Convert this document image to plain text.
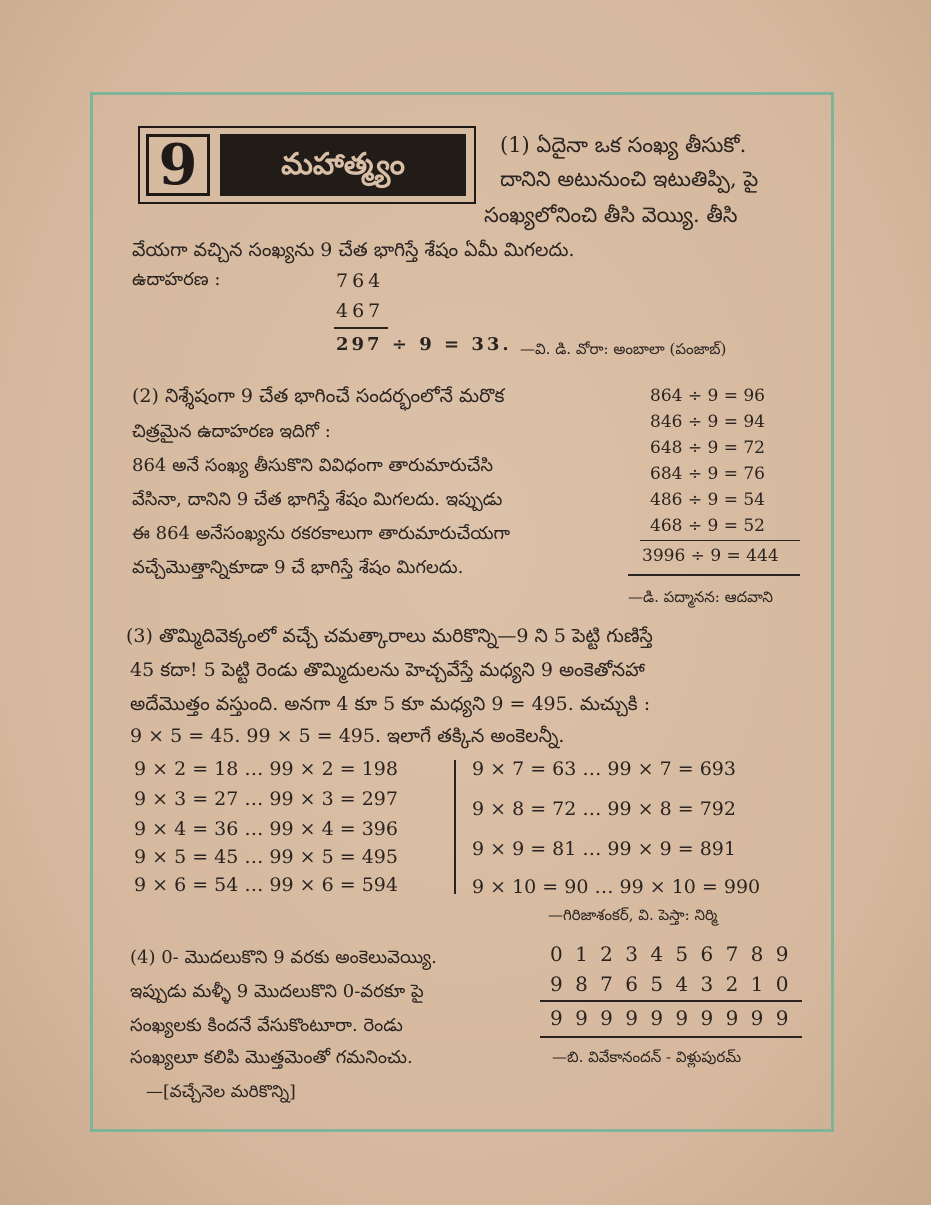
9	మహాత్మ్యం
(1) ఏదైనా ఒక సంఖ్య తీసుకో.
దానిని అటునుంచి ఇటుతిప్పి, పై
సంఖ్యలోనించి తీసి వెయ్యి. తీసి
వేయగా వచ్చిన సంఖ్యను 9 చేత భాగిస్తే శేషం ఏమీ మిగలదు.
ఉదాహరణ :	764
467
297 ÷ 9 = 33. —వి. డి. వోరా: అంబాలా (పంజాబ్)
(2) నిశ్శేషంగా 9 చేత భాగించే సందర్భంలోనే మరొక
చిత్రమైన ఉదాహరణ ఇదిగో :
864 అనే సంఖ్య తీసుకొని వివిధంగా తారుమారుచేసి
వేసినా, దానిని 9 చేత భాగిస్తే శేషం మిగలదు. ఇప్పుడు
ఈ 864 అనేసంఖ్యను రకరకాలుగా తారుమారుచేయగా
వచ్చేమొత్తాన్నికూడా 9 చే భాగిస్తే శేషం మిగలదు.
864 ÷ 9 = 96
846 ÷ 9 = 94
648 ÷ 9 = 72
684 ÷ 9 = 76
486 ÷ 9 = 54
468 ÷ 9 = 52
3996 ÷ 9 = 444
—డి. పద్మానన: ఆదవాని
(3) తొమ్మిదివెక్కంలో వచ్చే చమత్కారాలు మరికొన్ని—9 ని 5 పెట్టి గుణిస్తే
45 కదా! 5 పెట్టి రెండు తొమ్మిదులను హెచ్చవేస్తే మధ్యని 9 అంకెతోనహా
అదేమొత్తం వస్తుంది. అనగా 4 కూ 5 కూ మధ్యని 9 = 495. మచ్చుకి :
9 × 5 = 45. 99 × 5 = 495. ఇలాగే తక్కిన అంకెలన్నీ.
9 × 2 = 18 … 99 × 2 = 198
9 × 3 = 27 … 99 × 3 = 297
9 × 4 = 36 … 99 × 4 = 396
9 × 5 = 45 … 99 × 5 = 495
9 × 6 = 54 … 99 × 6 = 594
9 × 7 = 63 … 99 × 7 = 693
9 × 8 = 72 … 99 × 8 = 792
9 × 9 = 81 … 99 × 9 = 891
9 × 10 = 90 … 99 × 10 = 990
—గిరిజాశంకర్, వి. పెస్తా: నిర్మి
(4) 0- మొదలుకొని 9 వరకు అంకెలువెయ్యి.
ఇప్పుడు మళ్ళీ 9 మొదలుకొని 0-వరకూ పై
సంఖ్యలకు కిందనే వేసుకొంటూరా. రెండు
సంఖ్యలూ కలిపి మొత్తమెంతో గమనించు.
—[వచ్చేనెల మరికొన్ని]
0 1 2 3 4 5 6 7 8 9
9 8 7 6 5 4 3 2 1 0
9 9 9 9 9 9 9 9 9 9
—బి. వివేకానందన్ - విళ్లుపురమ్
